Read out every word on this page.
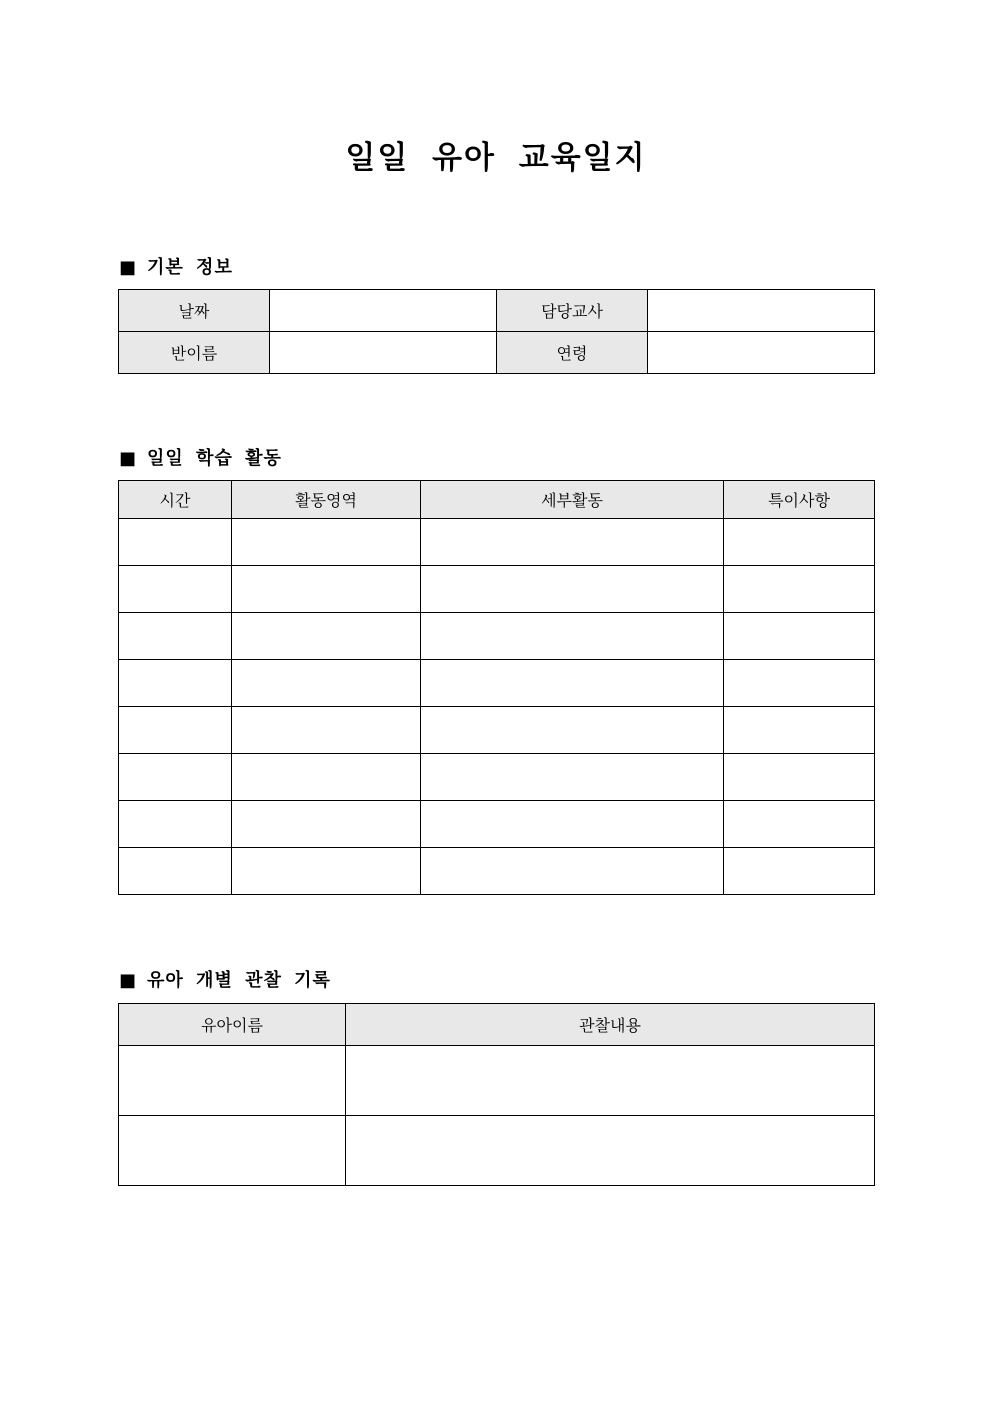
일일 유아 교육일지
■ 기본 정보
날짜		담당교사	
반이름		연령	
■ 일일 학습 활동
시간	활동영역	세부활동	특이사항

■ 유아 개별 관찰 기록
유아이름	관찰내용
